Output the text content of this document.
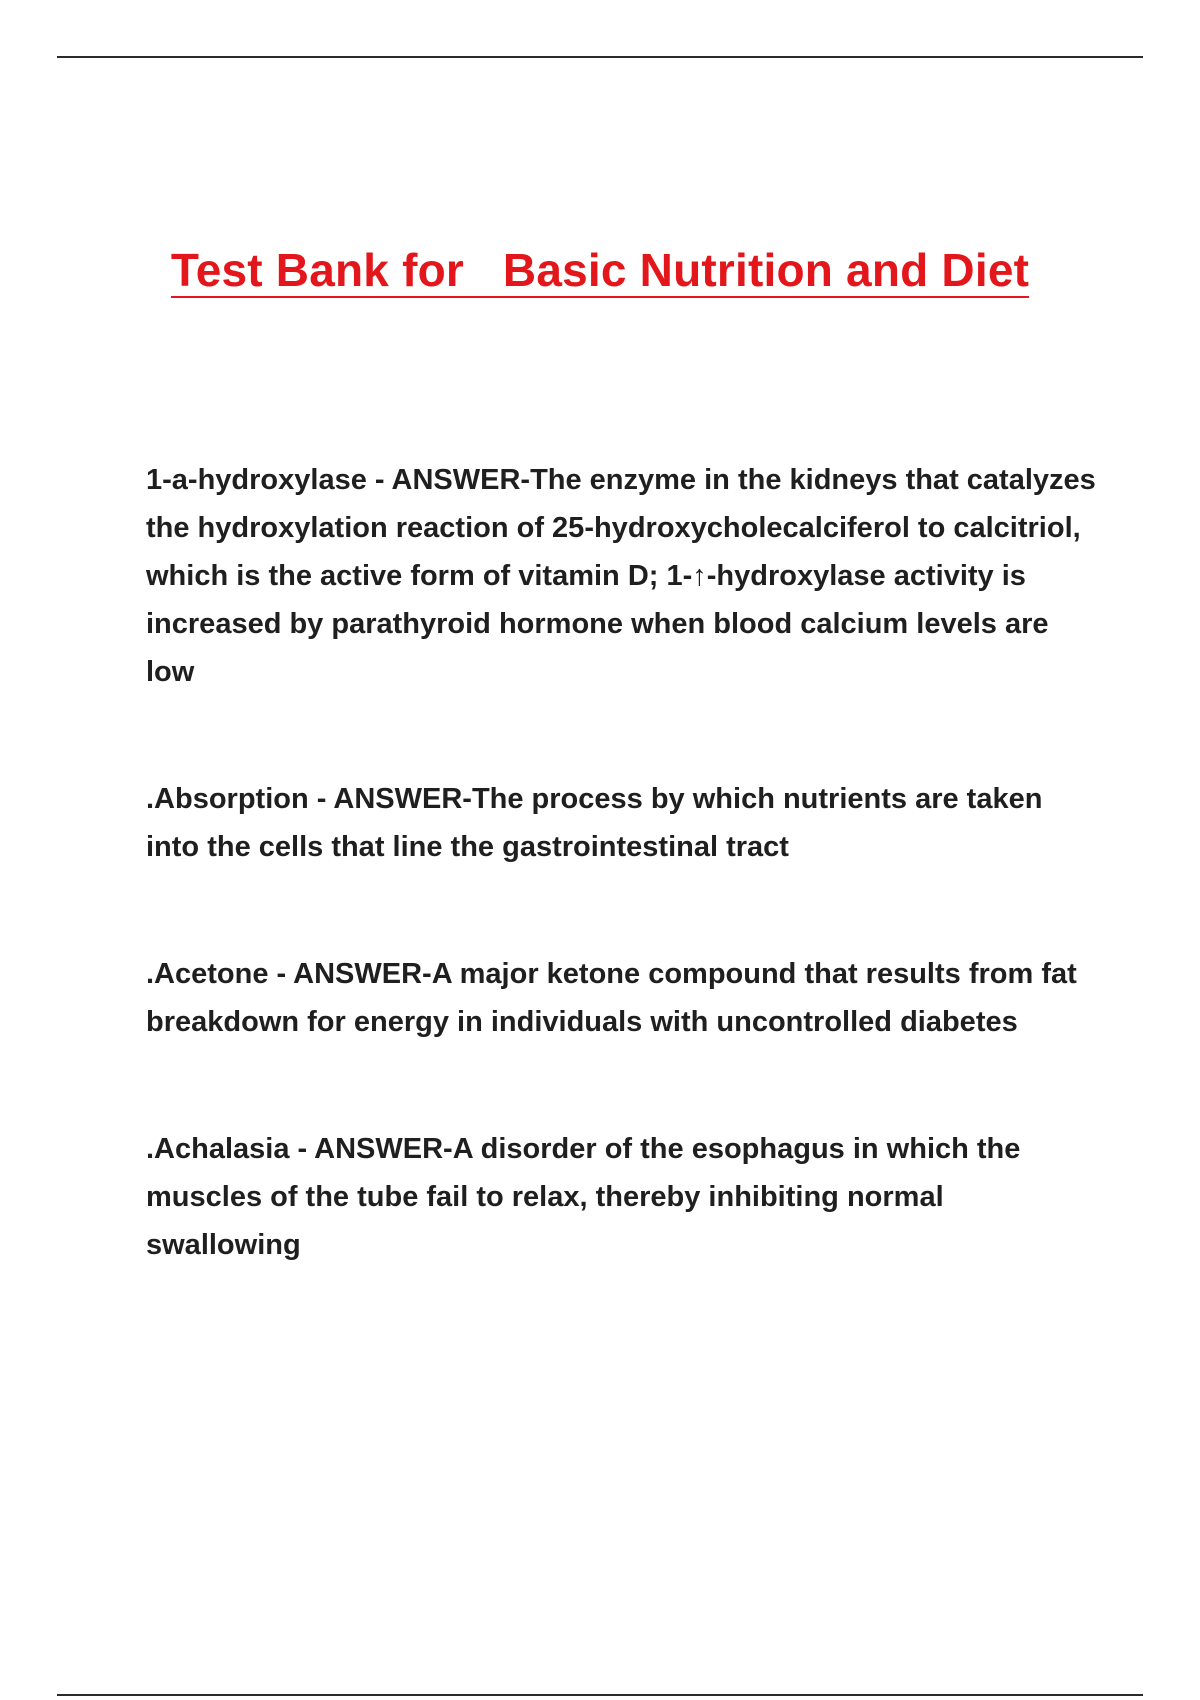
Test Bank for   Basic Nutrition and Diet
1-a-hydroxylase - ANSWER-The enzyme in the kidneys that catalyzes the hydroxylation reaction of 25-hydroxycholecalciferol to calcitriol, which is the active form of vitamin D; 1-↑-hydroxylase activity is increased by parathyroid hormone when blood calcium levels are low
.Absorption - ANSWER-The process by which nutrients are taken into the cells that line the gastrointestinal tract
.Acetone - ANSWER-A major ketone compound that results from fat breakdown for energy in individuals with uncontrolled diabetes
.Achalasia - ANSWER-A disorder of the esophagus in which the muscles of the tube fail to relax, thereby inhibiting normal swallowing
